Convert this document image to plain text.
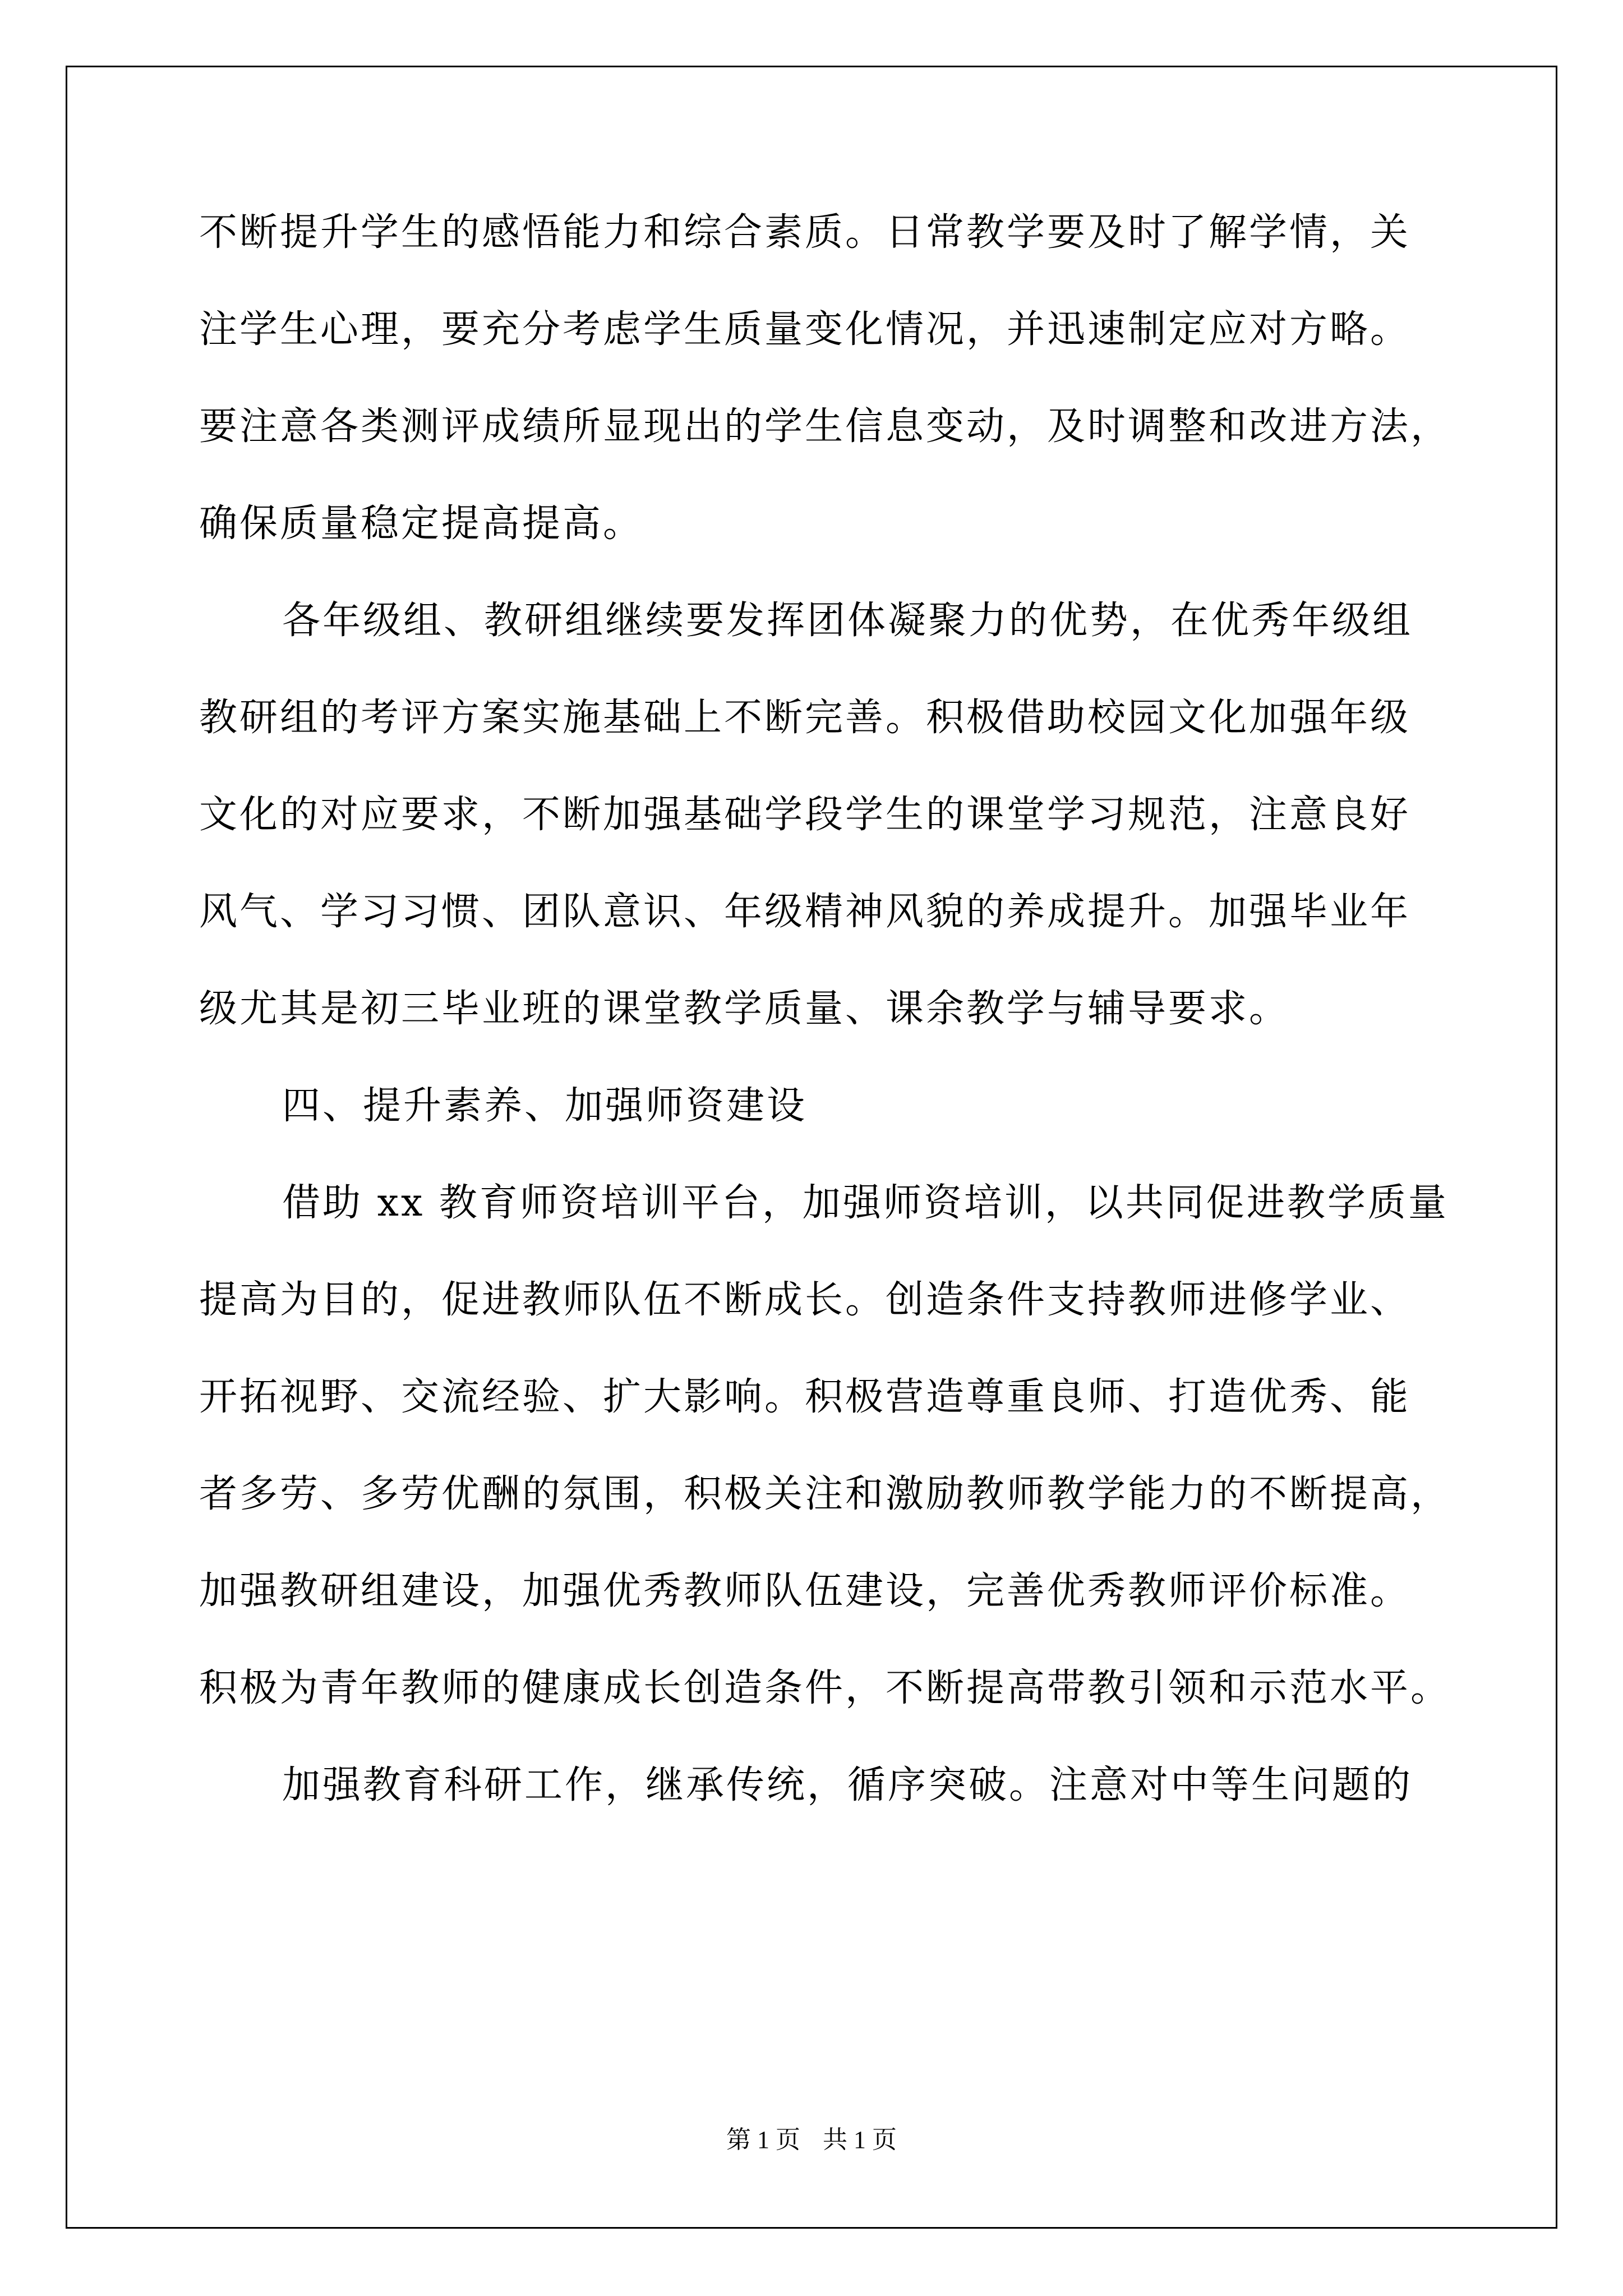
不断提升学生的感悟能力和综合素质。日常教学要及时了解学情，关
注学生心理，要充分考虑学生质量变化情况，并迅速制定应对方略。
要注意各类测评成绩所显现出的学生信息变动，及时调整和改进方法，
确保质量稳定提高提高。
各年级组、教研组继续要发挥团体凝聚力的优势，在优秀年级组
教研组的考评方案实施基础上不断完善。积极借助校园文化加强年级
文化的对应要求，不断加强基础学段学生的课堂学习规范，注意良好
风气、学习习惯、团队意识、年级精神风貌的养成提升。加强毕业年
级尤其是初三毕业班的课堂教学质量、课余教学与辅导要求。
四、提升素养、加强师资建设
借助 xx 教育师资培训平台，加强师资培训，以共同促进教学质量
提高为目的，促进教师队伍不断成长。创造条件支持教师进修学业、
开拓视野、交流经验、扩大影响。积极营造尊重良师、打造优秀、能
者多劳、多劳优酬的氛围，积极关注和激励教师教学能力的不断提高，
加强教研组建设，加强优秀教师队伍建设，完善优秀教师评价标准。
积极为青年教师的健康成长创造条件，不断提高带教引领和示范水平。
加强教育科研工作，继承传统，循序突破。注意对中等生问题的
第 1 页 共 1 页
